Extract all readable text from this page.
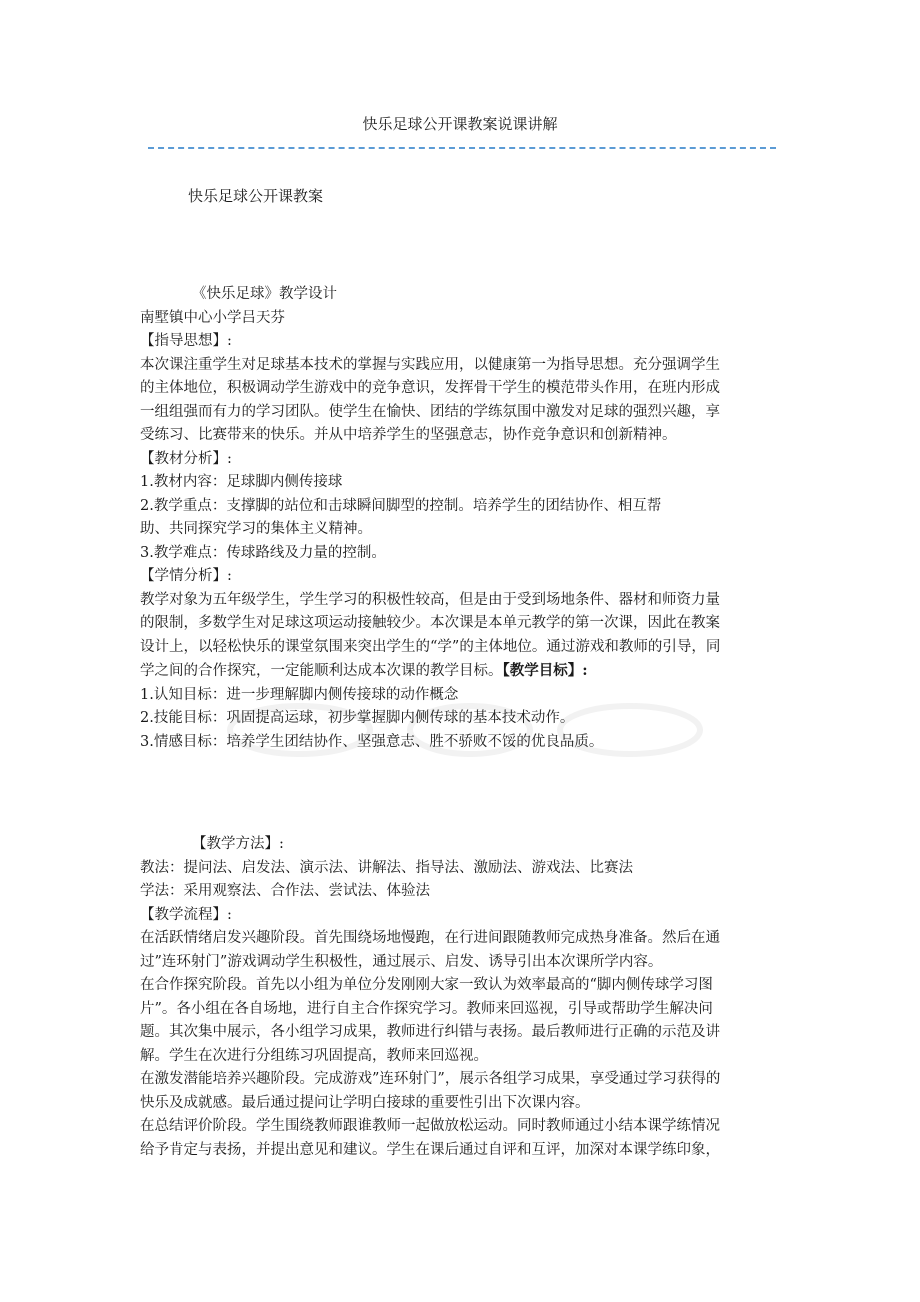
快乐足球公开课教案说课讲解
快乐足球公开课教案

《快乐足球》教学设计

南墅镇中心小学吕天芬

【指导思想】:

本次课注重学生对足球基本技术的掌握与实践应用，以健康第一为指导思想。充分强调学生

的主体地位，积极调动学生游戏中的竞争意识，发挥骨干学生的模范带头作用，在班内形成

一组组强而有力的学习团队。使学生在愉快、团结的学练氛围中激发对足球的强烈兴趣，享

受练习、比赛带来的快乐。并从中培养学生的坚强意志，协作竞争意识和创新精神。

【教材分析】:

1.教材内容：足球脚内侧传接球

2.教学重点：支撑脚的站位和击球瞬间脚型的控制。培养学生的团结协作、相互帮

助、共同探究学习的集体主义精神。

3.教学难点：传球路线及力量的控制。

【学情分析】:

教学对象为五年级学生，学生学习的积极性较高，但是由于受到场地条件、器材和师资力量

的限制，多数学生对足球这项运动接触较少。本次课是本单元教学的第一次课，因此在教案

设计上，以轻松快乐的课堂氛围来突出学生的“学”的主体地位。通过游戏和教师的引导，同

学之间的合作探究，一定能顺利达成本次课的教学目标。【教学目标】:

1.认知目标：进一步理解脚内侧传接球的动作概念

2.技能目标：巩固提高运球，初步掌握脚内侧传球的基本技术动作。

3.情感目标：培养学生团结协作、坚强意志、胜不骄败不馁的优良品质。

【教学方法】:

教法：提问法、启发法、演示法、讲解法、指导法、激励法、游戏法、比赛法

学法：采用观察法、合作法、尝试法、体验法

【教学流程】:

在活跃情绪启发兴趣阶段。首先围绕场地慢跑，在行进间跟随教师完成热身准备。然后在通

过”连环射门”游戏调动学生积极性，通过展示、启发、诱导引出本次课所学内容。

在合作探究阶段。首先以小组为单位分发刚刚大家一致认为效率最高的“脚内侧传球学习图

片”。各小组在各自场地，进行自主合作探究学习。教师来回巡视，引导或帮助学生解决问

题。其次集中展示，各小组学习成果，教师进行纠错与表扬。最后教师进行正确的示范及讲

解。学生在次进行分组练习巩固提高，教师来回巡视。

在激发潜能培养兴趣阶段。完成游戏”连环射门”，展示各组学习成果，享受通过学习获得的

快乐及成就感。最后通过提问让学明白接球的重要性引出下次课内容。

在总结评价阶段。学生围绕教师跟谁教师一起做放松运动。同时教师通过小结本课学练情况

给予肯定与表扬，并提出意见和建议。学生在课后通过自评和互评，加深对本课学练印象，
